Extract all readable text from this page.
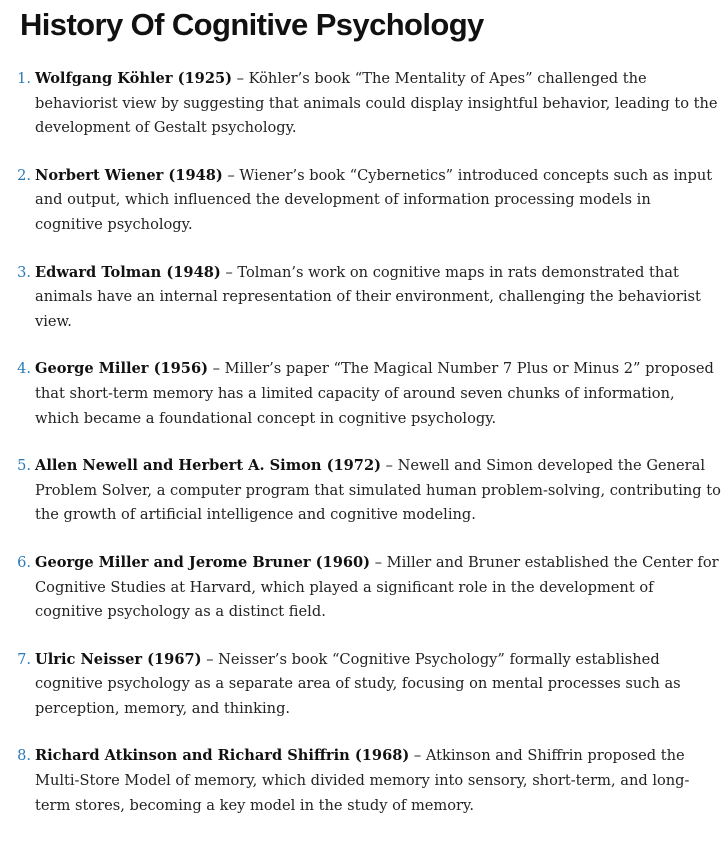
History Of Cognitive Psychology
1. Wolfgang Köhler (1925) – Köhler’s book “The Mentality of Apes” challenged the behaviorist view by suggesting that animals could display insightful behavior, leading to the development of Gestalt psychology.
2. Norbert Wiener (1948) – Wiener’s book “Cybernetics” introduced concepts such as input and output, which influenced the development of information processing models in cognitive psychology.
3. Edward Tolman (1948) – Tolman’s work on cognitive maps in rats demonstrated that animals have an internal representation of their environment, challenging the behaviorist view.
4. George Miller (1956) – Miller’s paper “The Magical Number 7 Plus or Minus 2” proposed that short-term memory has a limited capacity of around seven chunks of information, which became a foundational concept in cognitive psychology.
5. Allen Newell and Herbert A. Simon (1972) – Newell and Simon developed the General Problem Solver, a computer program that simulated human problem-solving, contributing to the growth of artificial intelligence and cognitive modeling.
6. George Miller and Jerome Bruner (1960) – Miller and Bruner established the Center for Cognitive Studies at Harvard, which played a significant role in the development of cognitive psychology as a distinct field.
7. Ulric Neisser (1967) – Neisser’s book “Cognitive Psychology” formally established cognitive psychology as a separate area of study, focusing on mental processes such as perception, memory, and thinking.
8. Richard Atkinson and Richard Shiffrin (1968) – Atkinson and Shiffrin proposed the Multi-Store Model of memory, which divided memory into sensory, short-term, and long-term stores, becoming a key model in the study of memory.
